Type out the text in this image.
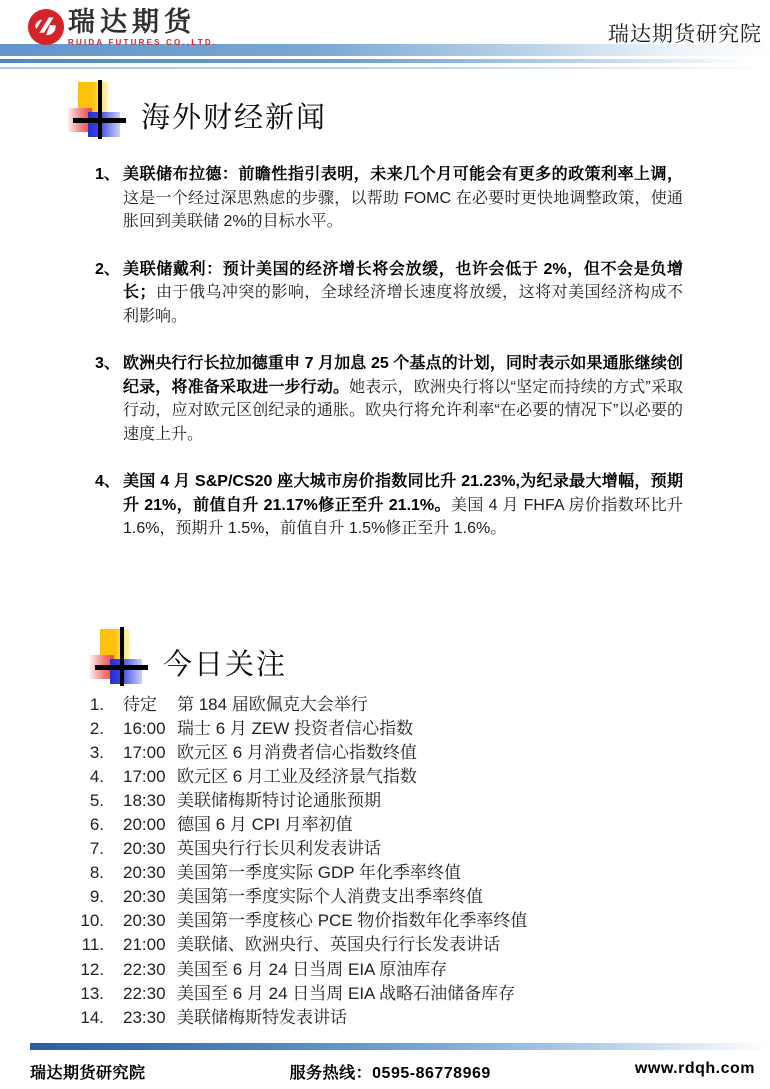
瑞达期货
RUIDA FUTURES CO.,LTD.	瑞达期货研究院
海外财经新闻
1、 美联储布拉德：前瞻性指引表明，未来几个月可能会有更多的政策利率上调，这是一个经过深思熟虑的步骤，以帮助 FOMC 在必要时更快地调整政策，使通胀回到美联储 2%的目标水平。

2、 美联储戴利：预计美国的经济增长将会放缓，也许会低于 2%，但不会是负增长；由于俄乌冲突的影响，全球经济增长速度将放缓，这将对美国经济构成不利影响。

3、 欧洲央行行长拉加德重申 7 月加息 25 个基点的计划，同时表示如果通胀继续创纪录，将准备采取进一步行动。她表示，欧洲央行将以“坚定而持续的方式”采取行动，应对欧元区创纪录的通胀。欧央行将允许利率“在必要的情况下”以必要的速度上升。

4、 美国 4 月 S&P/CS20 座大城市房价指数同比升 21.23%,为纪录最大增幅，预期升 21%，前值自升 21.17%修正至升 21.1%。美国 4 月 FHFA 房价指数环比升 1.6%，预期升 1.5%，前值自升 1.5%修正至升 1.6%。

今日关注
1. 待定	第 184 届欧佩克大会举行
2. 16:00 瑞士 6 月 ZEW 投资者信心指数
3. 17:00 欧元区 6 月消费者信心指数终值
4. 17:00 欧元区 6 月工业及经济景气指数
5. 18:30 美联储梅斯特讨论通胀预期
6. 20:00 德国 6 月 CPI 月率初值
7. 20:30 英国央行行长贝利发表讲话
8. 20:30 美国第一季度实际 GDP 年化季率终值
9. 20:30 美国第一季度实际个人消费支出季率终值
10. 20:30 美国第一季度核心 PCE 物价指数年化季率终值
11. 21:00 美联储、欧洲央行、英国央行行长发表讲话
12. 22:30 美国至 6 月 24 日当周 EIA 原油库存
13. 22:30 美国至 6 月 24 日当周 EIA 战略石油储备库存
14. 23:30 美联储梅斯特发表讲话
瑞达期货研究院	服务热线：0595-86778969	www.rdqh.com
